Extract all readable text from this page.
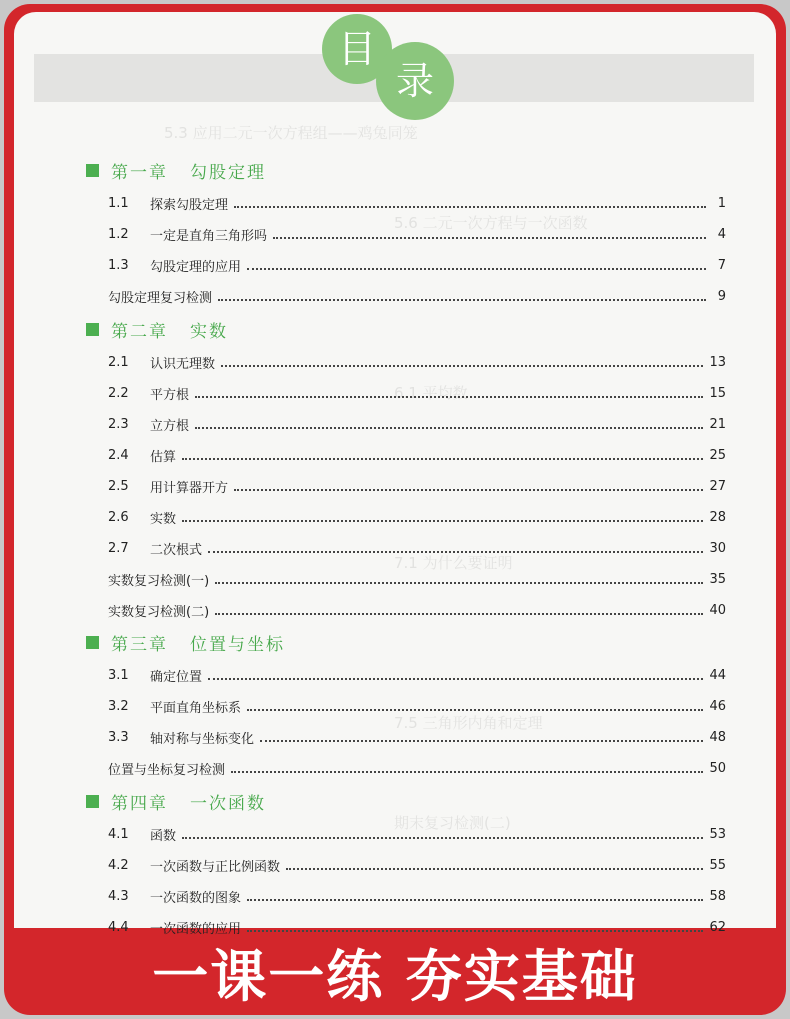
5.3 应用二元一次方程组——鸡兔同笼
5.6 二元一次方程与一次函数
6.1 平均数
7.1 为什么要证明
7.5 三角形内角和定理
期末复习检测(二)
目
录
第一章 勾股定理
1.1	探索勾股定理	1
1.2	一定是直角三角形吗	4
1.3	勾股定理的应用	7
勾股定理复习检测	9
第二章 实数
2.1	认识无理数	13
2.2	平方根	15
2.3	立方根	21
2.4	估算	25
2.5	用计算器开方	27
2.6	实数	28
2.7	二次根式	30
实数复习检测(一)	35
实数复习检测(二)	40
第三章 位置与坐标
3.1	确定位置	44
3.2	平面直角坐标系	46
3.3	轴对称与坐标变化	48
位置与坐标复习检测	50
第四章 一次函数
4.1	函数	53
4.2	一次函数与正比例函数	55
4.3	一次函数的图象	58
4.4	一次函数的应用	62
一课一练 夯实基础
